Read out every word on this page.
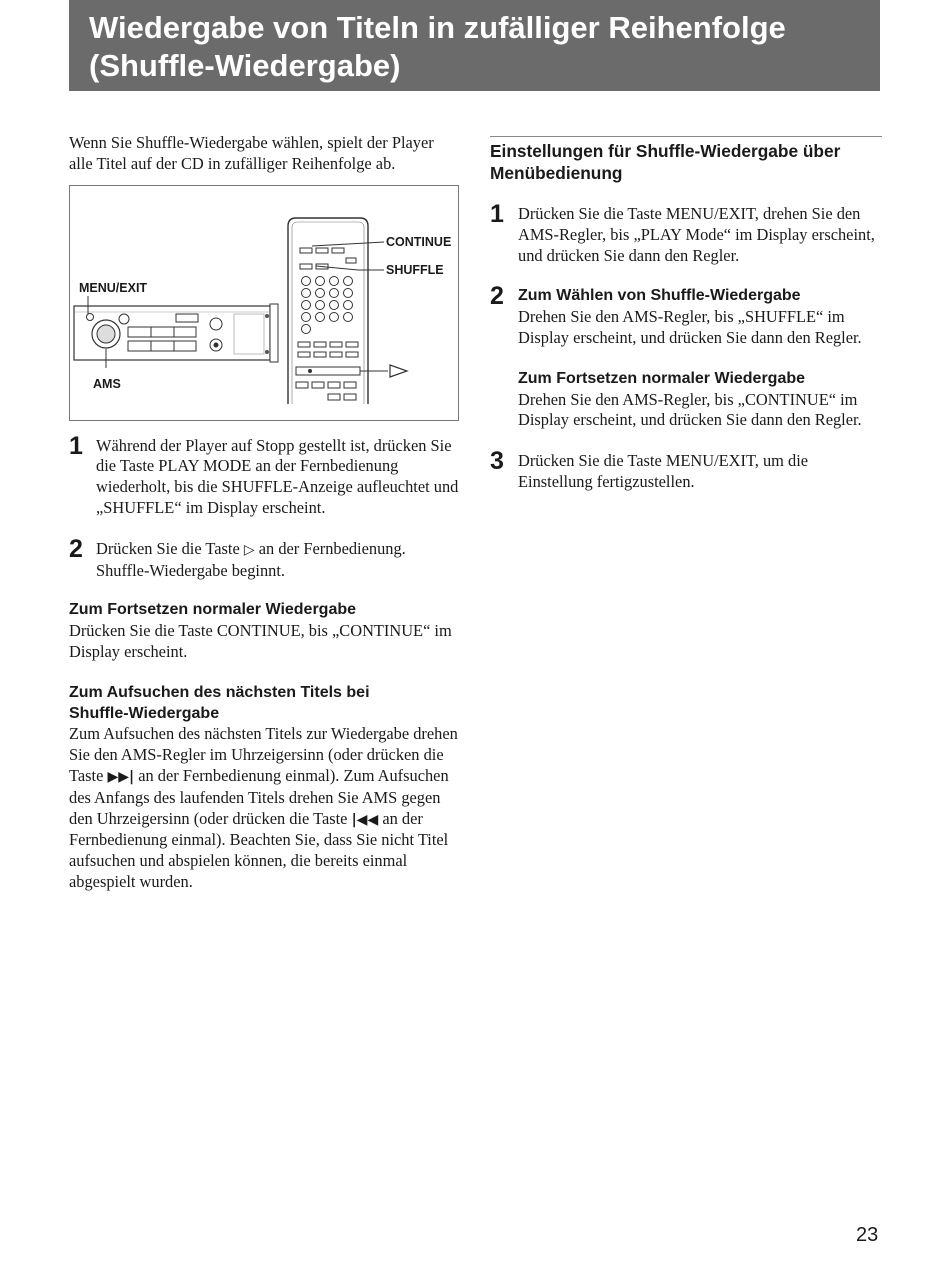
Wiedergabe von Titeln in zufälliger Reihenfolge
(Shuffle-Wiedergabe)

Wenn Sie Shuffle-Wiedergabe wählen, spielt der Player alle Titel auf der CD in zufälliger Reihenfolge ab.

CONTINUE
SHUFFLE
MENU/EXIT
AMS
1 Während der Player auf Stopp gestellt ist, drücken Sie die Taste PLAY MODE an der Fernbedienung wiederholt, bis die SHUFFLE-Anzeige aufleuchtet und „SHUFFLE“ im Display erscheint.

2 Drücken Sie die Taste ▷ an der Fernbedienung. Shuffle-Wiedergabe beginnt.

Zum Fortsetzen normaler Wiedergabe

Drücken Sie die Taste CONTINUE, bis „CONTINUE“ im Display erscheint.

Zum Aufsuchen des nächsten Titels bei
Shuffle-Wiedergabe

Zum Aufsuchen des nächsten Titels zur Wiedergabe drehen Sie den AMS-Regler im Uhrzeigersinn (oder drücken die Taste ▶▶| an der Fernbedienung einmal). Zum Aufsuchen des Anfangs des laufenden Titels drehen Sie AMS gegen den Uhrzeigersinn (oder drücken die Taste |◀◀ an der Fernbedienung einmal). Beachten Sie, dass Sie nicht Titel aufsuchen und abspielen können, die bereits einmal abgespielt wurden.

Einstellungen für Shuffle-Wiedergabe über Menübedienung

1 Drücken Sie die Taste MENU/EXIT, drehen Sie den AMS-Regler, bis „PLAY Mode“ im Display erscheint, und drücken Sie dann den Regler.

2 Zum Wählen von Shuffle-Wiedergabe

Drehen Sie den AMS-Regler, bis „SHUFFLE“ im Display erscheint, und drücken Sie dann den Regler.

Zum Fortsetzen normaler Wiedergabe

Drehen Sie den AMS-Regler, bis „CONTINUE“ im Display erscheint, und drücken Sie dann den Regler.

3 Drücken Sie die Taste MENU/EXIT, um die Einstellung fertigzustellen.

23
